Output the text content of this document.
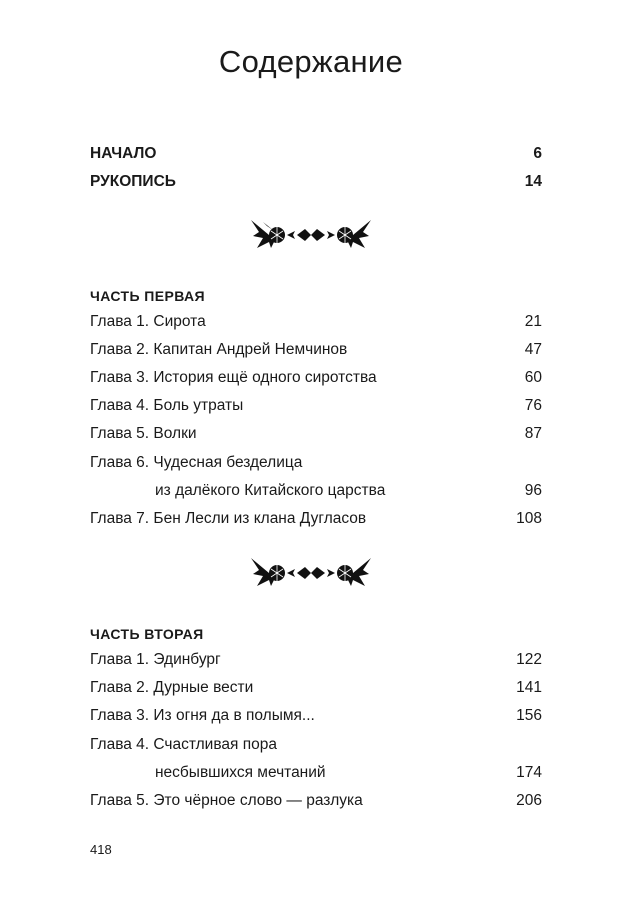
Содержание
НАЧАЛО	6
РУКОПИСЬ	14
ЧАСТЬ ПЕРВАЯ
Глава 1. Сирота	21
Глава 2. Капитан Андрей Немчинов	47
Глава 3. История ещё одного сиротства	60
Глава 4. Боль утраты	76
Глава 5. Волки	87
Глава 6. Чудесная безделица
из далёкого Китайского царства	96
Глава 7. Бен Лесли из клана Дугласов	108
ЧАСТЬ ВТОРАЯ
Глава 1. Эдинбург	122
Глава 2. Дурные вести	141
Глава 3. Из огня да в полымя...	156
Глава 4. Счастливая пора
несбывшихся мечтаний	174
Глава 5. Это чёрное слово — разлука	206
418
